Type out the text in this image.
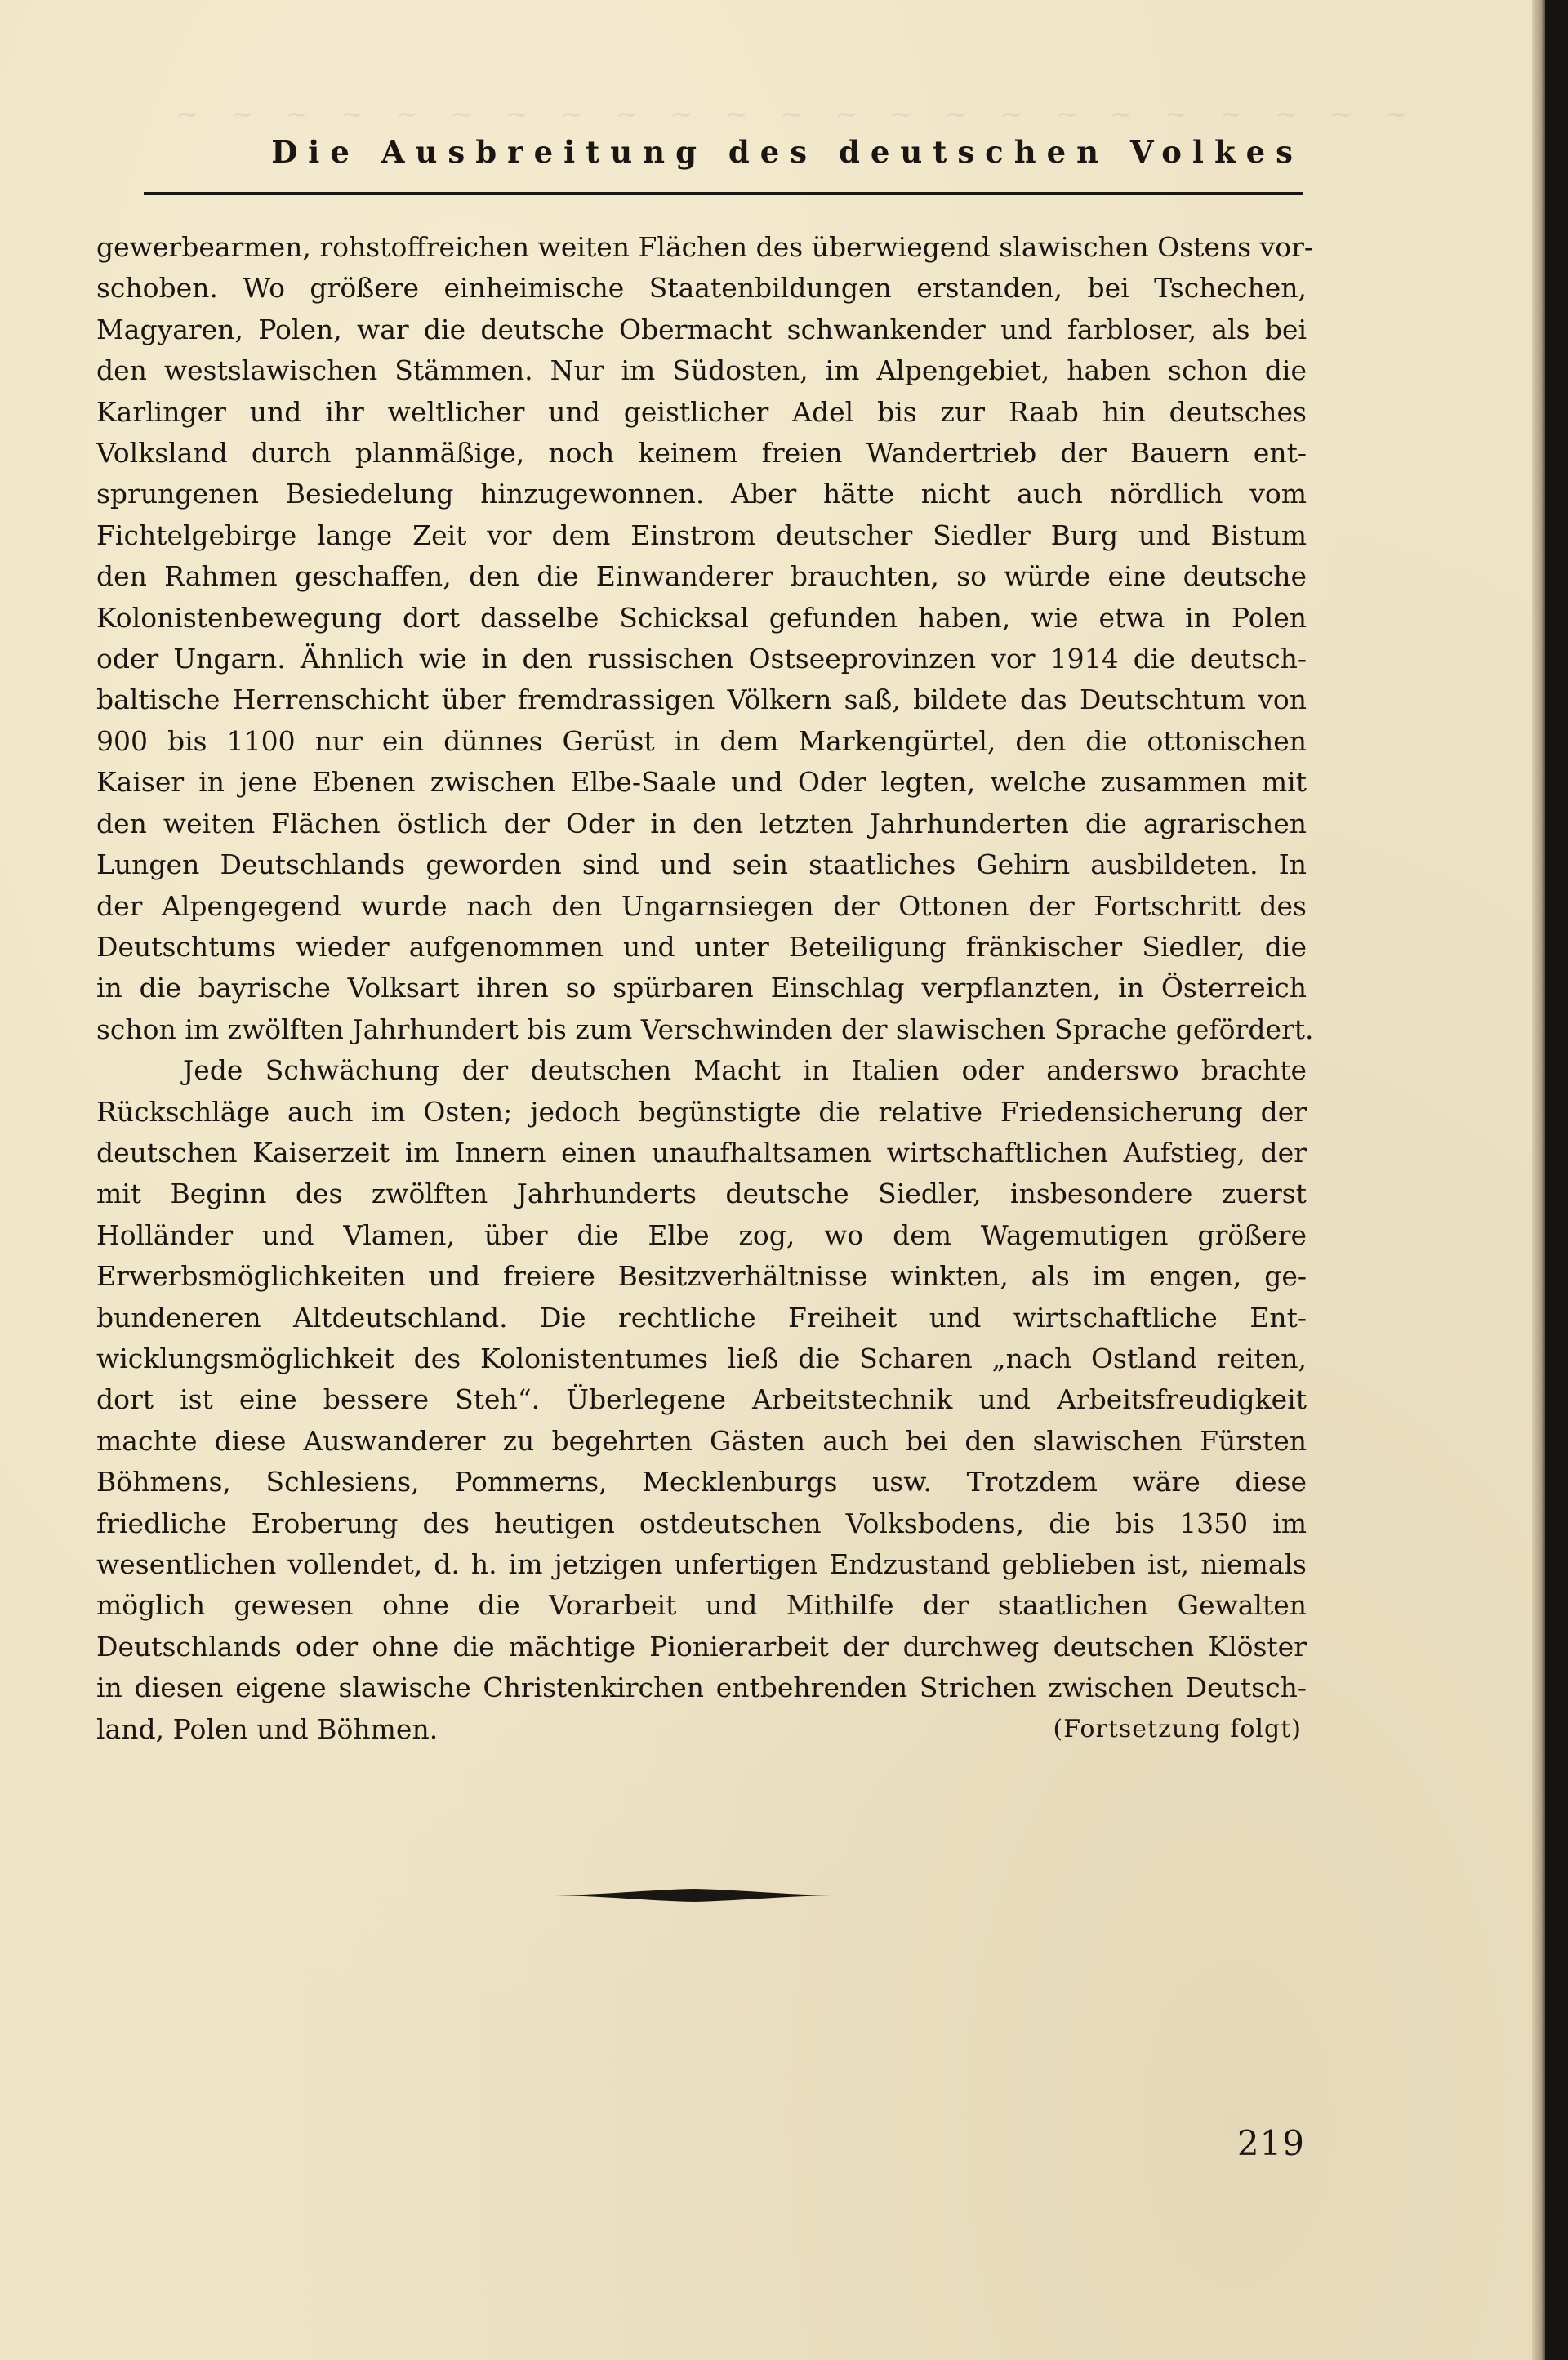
~ ~ ~ ~ ~ ~ ~ ~ ~ ~ ~ ~ ~ ~ ~ ~ ~ ~ ~ ~ ~ ~ ~
Die Ausbreitung des deutschen Volkes

gewerbearmen, rohstoffreichen weiten Flächen des überwiegend slawischen Ostens vor-

schoben. Wo größere einheimische Staatenbildungen erstanden, bei Tschechen,

Magyaren, Polen, war die deutsche Obermacht schwankender und farbloser, als bei

den westslawischen Stämmen. Nur im Südosten, im Alpengebiet, haben schon die

Karlinger und ihr weltlicher und geistlicher Adel bis zur Raab hin deutsches

Volksland durch planmäßige, noch keinem freien Wandertrieb der Bauern ent-

sprungenen Besiedelung hinzugewonnen. Aber hätte nicht auch nördlich vom

Fichtelgebirge lange Zeit vor dem Einstrom deutscher Siedler Burg und Bistum

den Rahmen geschaffen, den die Einwanderer brauchten, so würde eine deutsche

Kolonistenbewegung dort dasselbe Schicksal gefunden haben, wie etwa in Polen

oder Ungarn. Ähnlich wie in den russischen Ostseeprovinzen vor 1914 die deutsch-

baltische Herrenschicht über fremdrassigen Völkern saß, bildete das Deutschtum von

900 bis 1100 nur ein dünnes Gerüst in dem Markengürtel, den die ottonischen

Kaiser in jene Ebenen zwischen Elbe-Saale und Oder legten, welche zusammen mit

den weiten Flächen östlich der Oder in den letzten Jahrhunderten die agrarischen

Lungen Deutschlands geworden sind und sein staatliches Gehirn ausbildeten. In

der Alpengegend wurde nach den Ungarnsiegen der Ottonen der Fortschritt des

Deutschtums wieder aufgenommen und unter Beteiligung fränkischer Siedler, die

in die bayrische Volksart ihren so spürbaren Einschlag verpflanzten, in Österreich

schon im zwölften Jahrhundert bis zum Verschwinden der slawischen Sprache gefördert.

Jede Schwächung der deutschen Macht in Italien oder anderswo brachte

Rückschläge auch im Osten; jedoch begünstigte die relative Friedensicherung der

deutschen Kaiserzeit im Innern einen unaufhaltsamen wirtschaftlichen Aufstieg, der

mit Beginn des zwölften Jahrhunderts deutsche Siedler, insbesondere zuerst

Holländer und Vlamen, über die Elbe zog, wo dem Wagemutigen größere

Erwerbsmöglichkeiten und freiere Besitzverhältnisse winkten, als im engen, ge-

bundeneren Altdeutschland. Die rechtliche Freiheit und wirtschaftliche Ent-

wicklungsmöglichkeit des Kolonistentumes ließ die Scharen „nach Ostland reiten,

dort ist eine bessere Steh“. Überlegene Arbeitstechnik und Arbeitsfreudigkeit

machte diese Auswanderer zu begehrten Gästen auch bei den slawischen Fürsten

Böhmens, Schlesiens, Pommerns, Mecklenburgs usw. Trotzdem wäre diese

friedliche Eroberung des heutigen ostdeutschen Volksbodens, die bis 1350 im

wesentlichen vollendet, d. h. im jetzigen unfertigen Endzustand geblieben ist, niemals

möglich gewesen ohne die Vorarbeit und Mithilfe der staatlichen Gewalten

Deutschlands oder ohne die mächtige Pionierarbeit der durchweg deutschen Klöster

in diesen eigene slawische Christenkirchen entbehrenden Strichen zwischen Deutsch-

land, Polen und Böhmen.	(Fortsetzung folgt)
219
